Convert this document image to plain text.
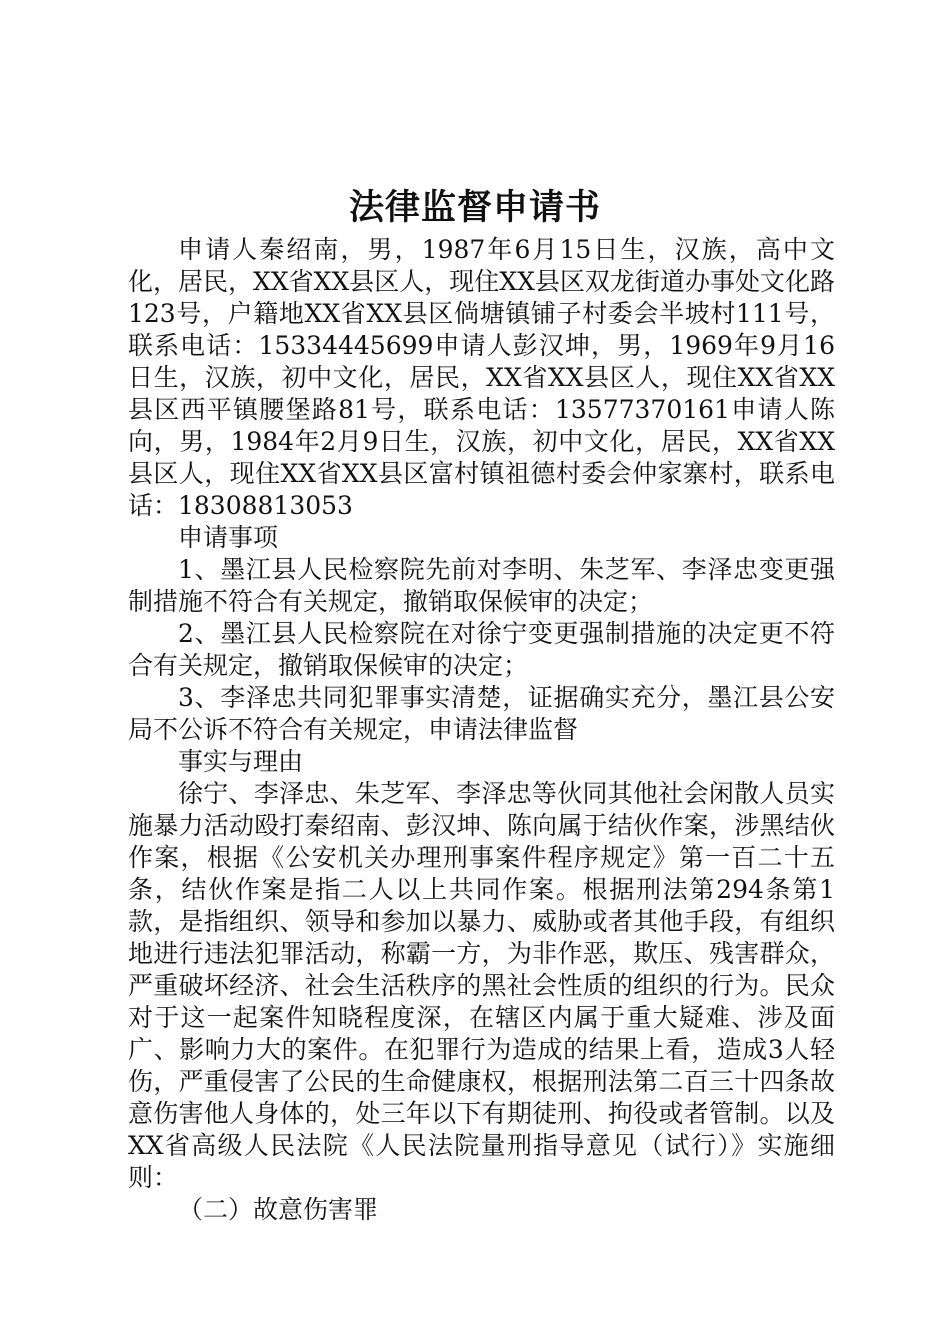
法律监督申请书

申请人秦绍南，男，1987年6月15日生，汉族，高中文化，居民，XX省XX县区人，现住XX县区双龙街道办事处文化路123号，户籍地XX省XX县区倘塘镇铺子村委会半坡村111号，联系电话：15334445699申请人彭汉坤，男，1969年9月16日生，汉族，初中文化，居民，XX省XX县区人，现住XX省XX县区西平镇腰堡路81号，联系电话：13577370161申请人陈向，男，1984年2月9日生，汉族，初中文化，居民，XX省XX县区人，现住XX省XX县区富村镇祖德村委会仲家寨村，联系电话：18308813053

申请事项

1、墨江县人民检察院先前对李明、朱芝军、李泽忠变更强制措施不符合有关规定，撤销取保候审的决定；

2、墨江县人民检察院在对徐宁变更强制措施的决定更不符合有关规定，撤销取保候审的决定；

3、李泽忠共同犯罪事实清楚，证据确实充分，墨江县公安局不公诉不符合有关规定，申请法律监督

事实与理由

徐宁、李泽忠、朱芝军、李泽忠等伙同其他社会闲散人员实施暴力活动殴打秦绍南、彭汉坤、陈向属于结伙作案，涉黑结伙作案，根据《公安机关办理刑事案件程序规定》第一百二十五条，结伙作案是指二人以上共同作案。根据刑法第294条第1款，是指组织、领导和参加以暴力、威胁或者其他手段，有组织地进行违法犯罪活动，称霸一方，为非作恶，欺压、残害群众，严重破坏经济、社会生活秩序的黑社会性质的组织的行为。民众对于这一起案件知晓程度深，在辖区内属于重大疑难、涉及面广、影响力大的案件。在犯罪行为造成的结果上看，造成3人轻伤，严重侵害了公民的生命健康权，根据刑法第二百三十四条故意伤害他人身体的，处三年以下有期徒刑、拘役或者管制。以及XX省高级人民法院《人民法院量刑指导意见（试行）》实施细则：

（二）故意伤害罪
